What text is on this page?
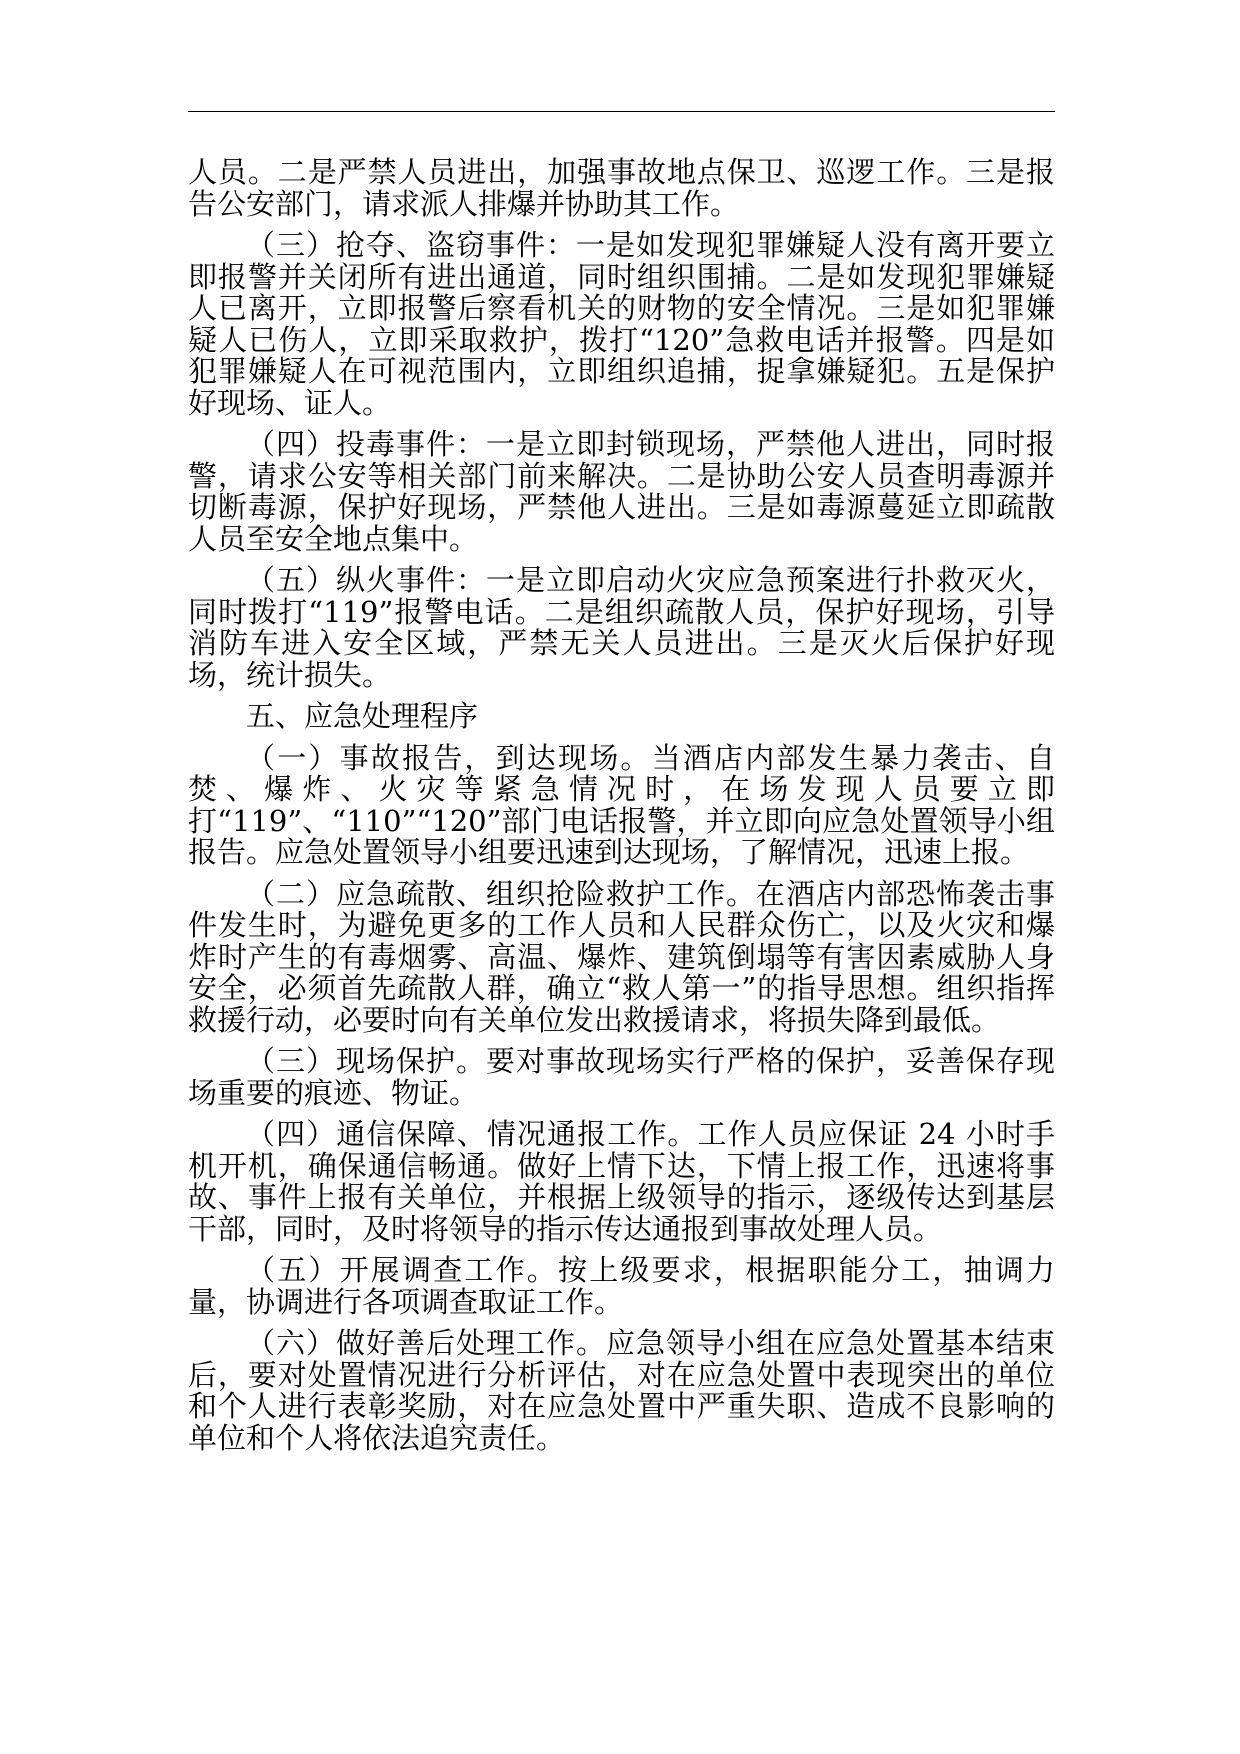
人员。二是严禁人员进出，加强事故地点保卫、巡逻工作。三是报告公安部门，请求派人排爆并协助其工作。

（三）抢夺、盗窃事件：一是如发现犯罪嫌疑人没有离开要立即报警并关闭所有进出通道，同时组织围捕。二是如发现犯罪嫌疑人已离开，立即报警后察看机关的财物的安全情况。三是如犯罪嫌疑人已伤人，立即采取救护，拨打“120”急救电话并报警。四是如犯罪嫌疑人在可视范围内，立即组织追捕，捉拿嫌疑犯。五是保护好现场、证人。

（四）投毒事件：一是立即封锁现场，严禁他人进出，同时报警，请求公安等相关部门前来解决。二是协助公安人员查明毒源并切断毒源，保护好现场，严禁他人进出。三是如毒源蔓延立即疏散人员至安全地点集中。

（五）纵火事件：一是立即启动火灾应急预案进行扑救灭火，同时拨打“119”报警电话。二是组织疏散人员，保护好现场，引导消防车进入安全区域，严禁无关人员进出。三是灭火后保护好现场，统计损失。

五、应急处理程序

（一）事故报告，到达现场。当酒店内部发生暴力袭击、自焚、爆炸、火灾等紧急情况时，在场发现人员要立即打“119”、“110”“120”部门电话报警，并立即向应急处置领导小组报告。应急处置领导小组要迅速到达现场，了解情况，迅速上报。

（二）应急疏散、组织抢险救护工作。在酒店内部恐怖袭击事件发生时，为避免更多的工作人员和人民群众伤亡，以及火灾和爆炸时产生的有毒烟雾、高温、爆炸、建筑倒塌等有害因素威胁人身安全，必须首先疏散人群，确立“救人第一”的指导思想。组织指挥救援行动，必要时向有关单位发出救援请求，将损失降到最低。

（三）现场保护。要对事故现场实行严格的保护，妥善保存现场重要的痕迹、物证。

（四）通信保障、情况通报工作。工作人员应保证 24 小时手机开机，确保通信畅通。做好上情下达，下情上报工作，迅速将事故、事件上报有关单位，并根据上级领导的指示，逐级传达到基层干部，同时，及时将领导的指示传达通报到事故处理人员。

（五）开展调查工作。按上级要求，根据职能分工，抽调力量，协调进行各项调查取证工作。

（六）做好善后处理工作。应急领导小组在应急处置基本结束后，要对处置情况进行分析评估，对在应急处置中表现突出的单位和个人进行表彰奖励，对在应急处置中严重失职、造成不良影响的单位和个人将依法追究责任。
